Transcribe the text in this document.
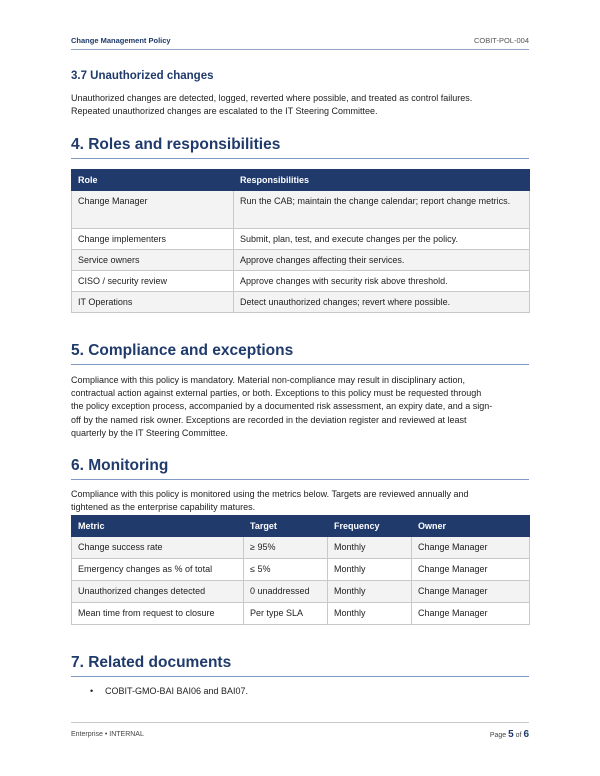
Change Management Policy	COBIT-POL-004
3.7 Unauthorized changes
Unauthorized changes are detected, logged, reverted where possible, and treated as control failures.
Repeated unauthorized changes are escalated to the IT Steering Committee.
4. Roles and responsibilities
Role	Responsibilities
Change Manager	Run the CAB; maintain the change calendar; report change metrics.
Change implementers	Submit, plan, test, and execute changes per the policy.
Service owners	Approve changes affecting their services.
CISO / security review	Approve changes with security risk above threshold.
IT Operations	Detect unauthorized changes; revert where possible.
5. Compliance and exceptions
Compliance with this policy is mandatory. Material non-compliance may result in disciplinary action,
contractual action against external parties, or both. Exceptions to this policy must be requested through
the policy exception process, accompanied by a documented risk assessment, an expiry date, and a sign-
off by the named risk owner. Exceptions are recorded in the deviation register and reviewed at least
quarterly by the IT Steering Committee.
6. Monitoring
Compliance with this policy is monitored using the metrics below. Targets are reviewed annually and
tightened as the enterprise capability matures.
Metric	Target	Frequency	Owner
Change success rate	≥ 95%	Monthly	Change Manager
Emergency changes as % of total	≤ 5%	Monthly	Change Manager
Unauthorized changes detected	0 unaddressed	Monthly	Change Manager
Mean time from request to closure	Per type SLA	Monthly	Change Manager
7. Related documents
• COBIT-GMO-BAI BAI06 and BAI07.
Enterprise • INTERNAL	Page 5 of 6
